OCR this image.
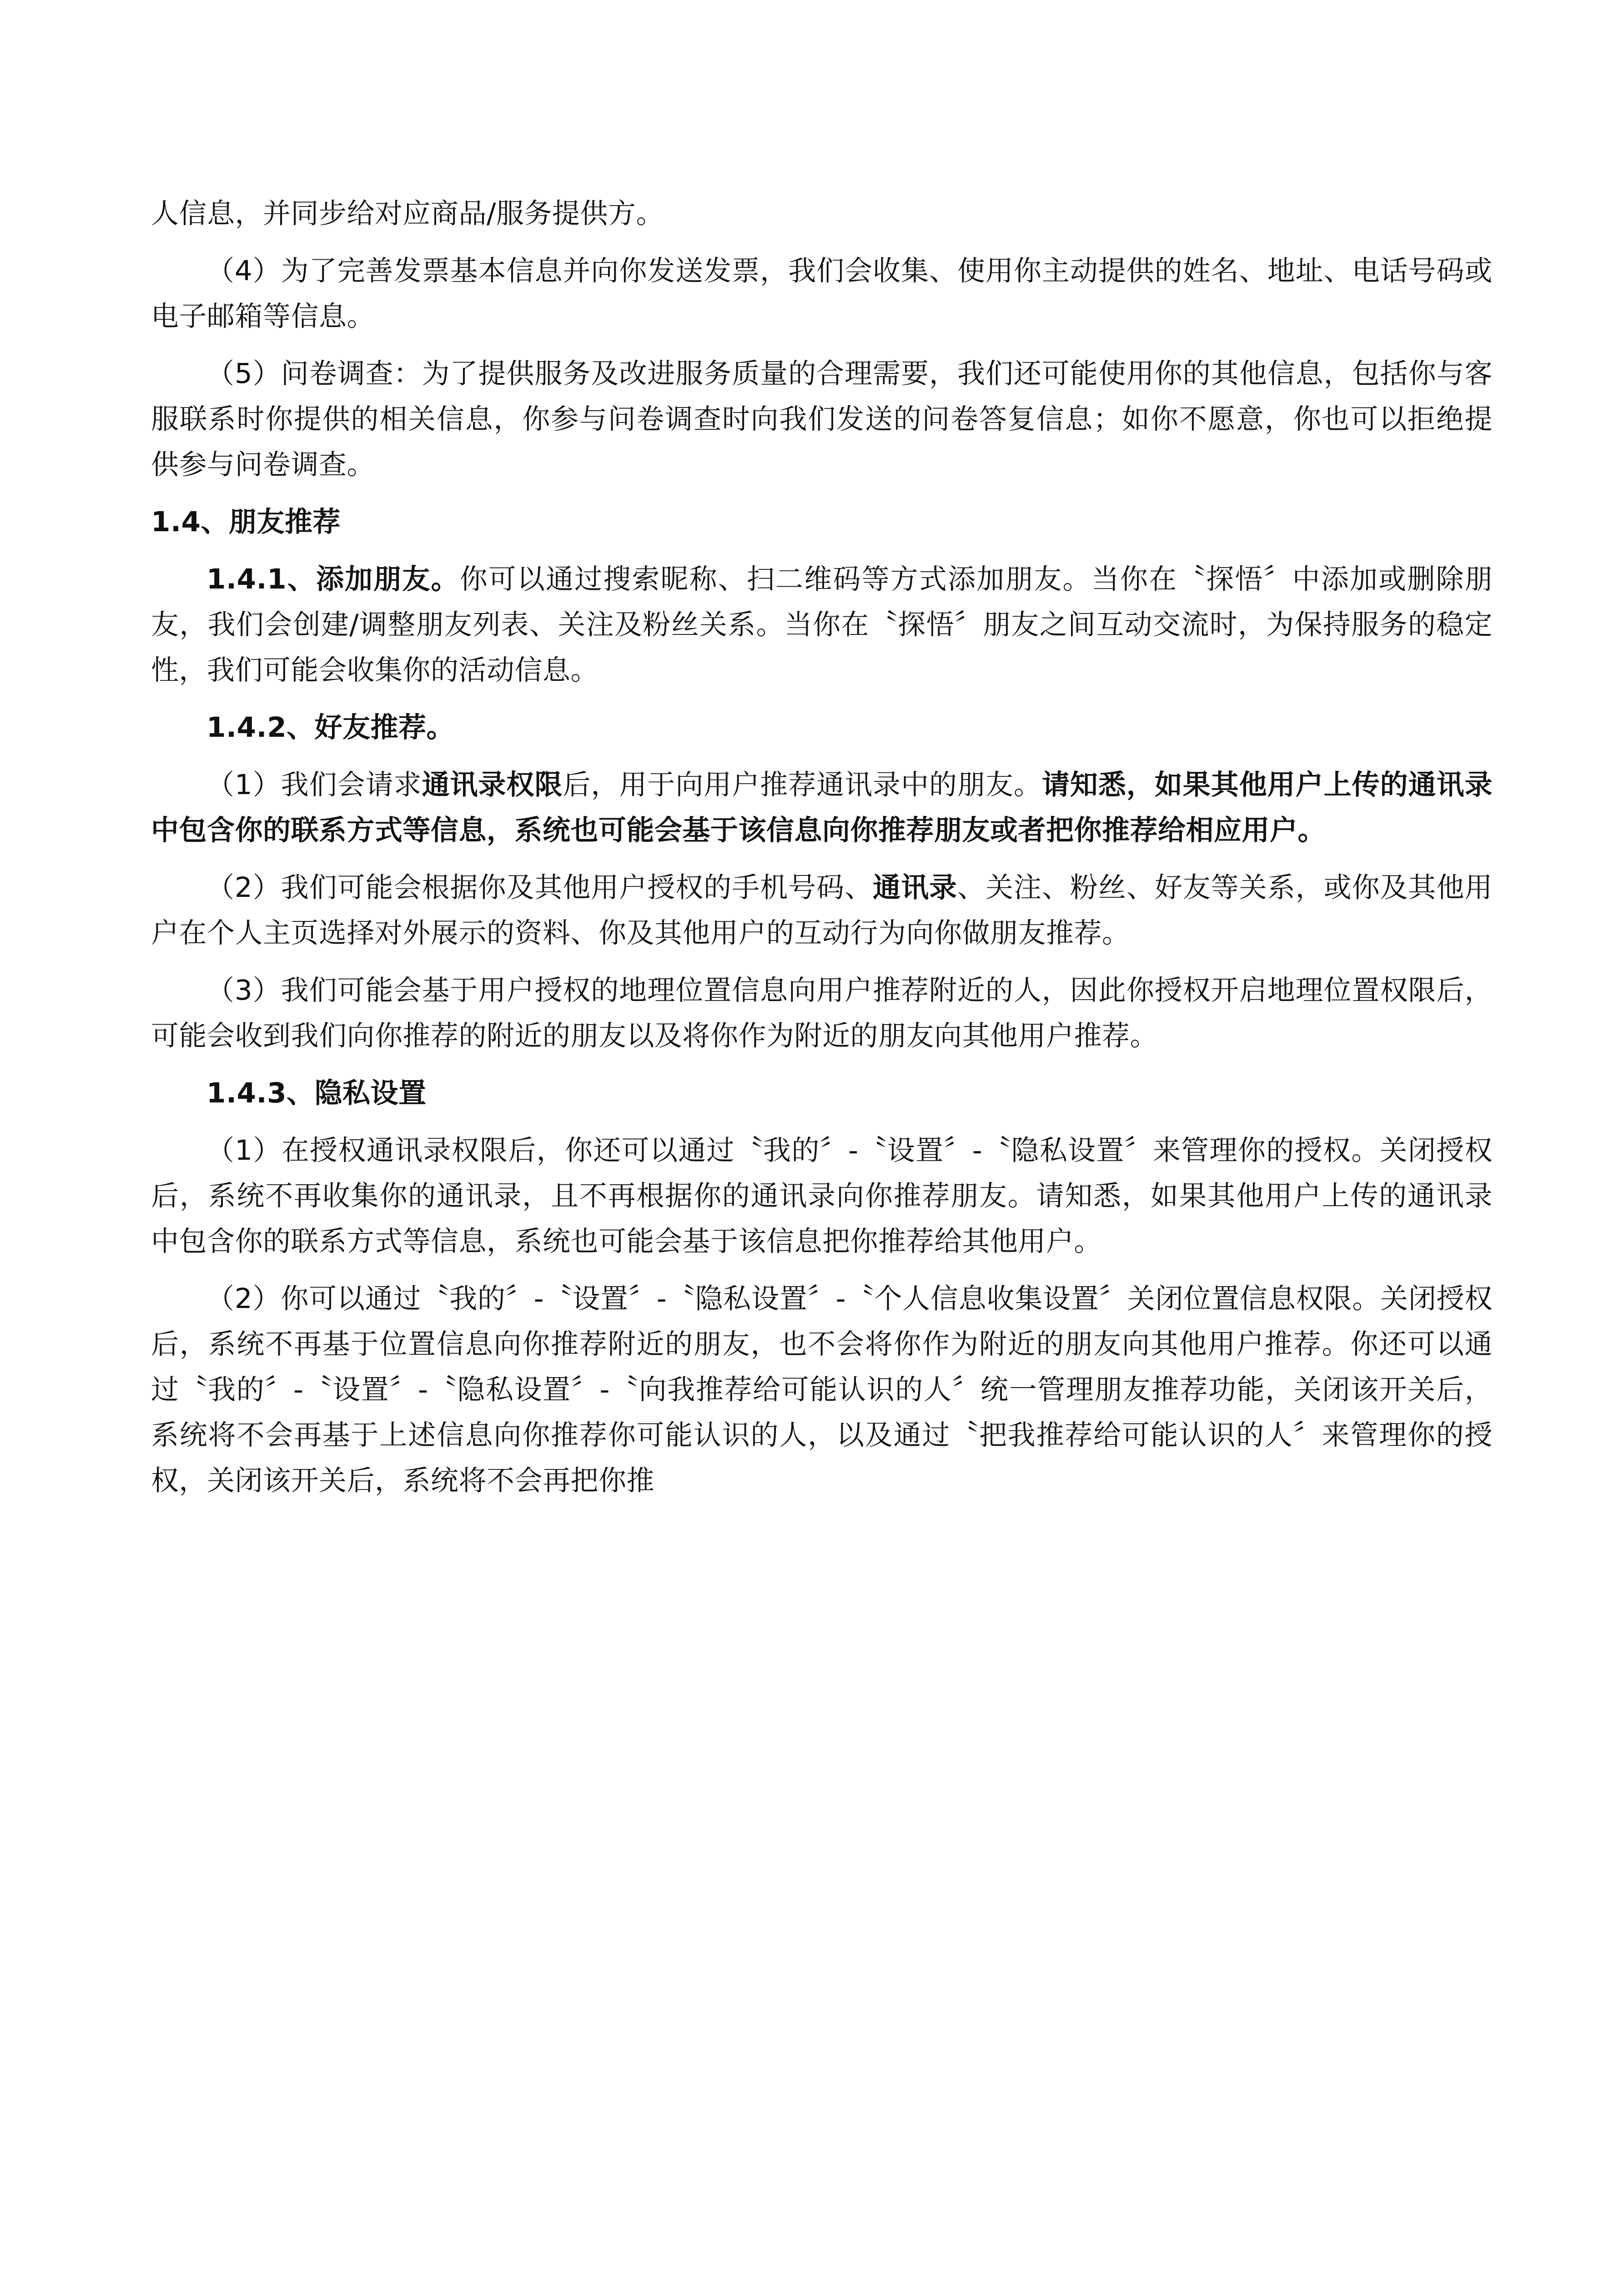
人信息，并同步给对应商品/服务提供方。

（4）为了完善发票基本信息并向你发送发票，我们会收集、使用你主动提供的姓名、地址、电话号码或电子邮箱等信息。

（5）问卷调查：为了提供服务及改进服务质量的合理需要，我们还可能使用你的其他信息，包括你与客服联系时你提供的相关信息，你参与问卷调查时向我们发送的问卷答复信息；如你不愿意，你也可以拒绝提供参与问卷调查。

1.4、朋友推荐

1.4.1、添加朋友。你可以通过搜索昵称、扫二维码等方式添加朋友。当你在〝探悟〞中添加或删除朋友，我们会创建/调整朋友列表、关注及粉丝关系。当你在〝探悟〞朋友之间互动交流时，为保持服务的稳定性，我们可能会收集你的活动信息。

1.4.2、好友推荐。

（1）我们会请求通讯录权限后，用于向用户推荐通讯录中的朋友。请知悉，如果其他用户上传的通讯录中包含你的联系方式等信息，系统也可能会基于该信息向你推荐朋友或者把你推荐给相应用户。

（2）我们可能会根据你及其他用户授权的手机号码、通讯录、关注、粉丝、好友等关系，或你及其他用户在个人主页选择对外展示的资料、你及其他用户的互动行为向你做朋友推荐。

（3）我们可能会基于用户授权的地理位置信息向用户推荐附近的人，因此你授权开启地理位置权限后，可能会收到我们向你推荐的附近的朋友以及将你作为附近的朋友向其他用户推荐。

1.4.3、隐私设置

（1）在授权通讯录权限后，你还可以通过〝我的〞-〝设置〞-〝隐私设置〞来管理你的授权。关闭授权后，系统不再收集你的通讯录，且不再根据你的通讯录向你推荐朋友。请知悉，如果其他用户上传的通讯录中包含你的联系方式等信息，系统也可能会基于该信息把你推荐给其他用户。

（2）你可以通过〝我的〞-〝设置〞-〝隐私设置〞-〝个人信息收集设置〞关闭位置信息权限。关闭授权后，系统不再基于位置信息向你推荐附近的朋友，也不会将你作为附近的朋友向其他用户推荐。你还可以通过〝我的〞-〝设置〞-〝隐私设置〞-〝向我推荐给可能认识的人〞统一管理朋友推荐功能，关闭该开关后，系统将不会再基于上述信息向你推荐你可能认识的人，以及通过〝把我推荐给可能认识的人〞来管理你的授权，关闭该开关后，系统将不会再把你推
